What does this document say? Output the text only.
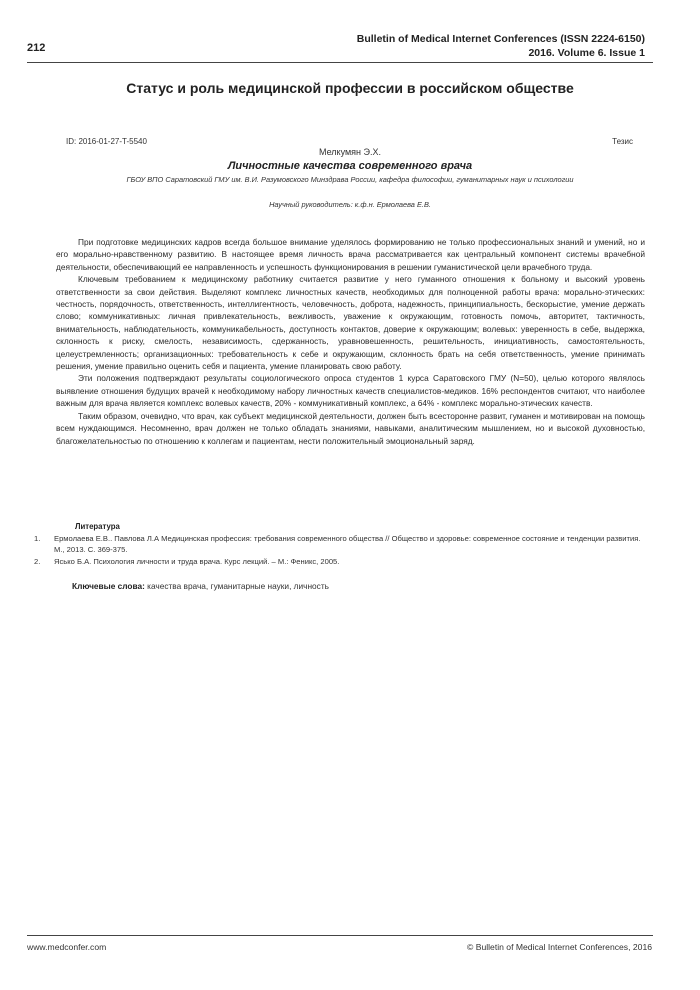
212
Bulletin of Medical Internet Conferences (ISSN 2224-6150)
2016. Volume 6. Issue 1
Статус и роль медицинской профессии в российском обществе
ID: 2016-01-27-T-5540	Тезис
Мелкумян Э.Х.
Личностные качества современного врача
ГБОУ ВПО Саратовский ГМУ им. В.И. Разумовского Минздрава России, кафедра философии, гуманитарных наук и психологии
Научный руководитель: к.ф.н. Ермолаева Е.В.

При подготовке медицинских кадров всегда большое внимание уделялось формированию не только профессиональных знаний и умений, но и его морально-нравственному развитию. В настоящее время личность врача рассматривается как центральный компонент системы врачебной деятельности, обеспечивающий ее направленность и успешность функционирования в решении гуманистической цели врачебного труда.

Ключевым требованием к медицинскому работнику считается развитие у него гуманного отношения к больному и высокий уровень ответственности за свои действия. Выделяют комплекс личностных качеств, необходимых для полноценной работы врача: морально-этических: честность, порядочность, ответственность, интеллигентность, человечность, доброта, надежность, принципиальность, бескорыстие, умение держать слово; коммуникативных: личная привлекательность, вежливость, уважение к окружающим, готовность помочь, авторитет, тактичность, внимательность, наблюдательность, коммуникабельность, доступность контактов, доверие к окружающим; волевых: уверенность в себе, выдержка, склонность к риску, смелость, независимость, сдержанность, уравновешенность, решительность, инициативность, самостоятельность, целеустремленность; организационных: требовательность к себе и окружающим, склонность брать на себя ответственность, умение принимать решения, умение правильно оценить себя и пациента, умение планировать свою работу.

Эти положения подтверждают результаты социологического опроса студентов 1 курса Саратовского ГМУ (N=50), целью которого являлось выявление отношения будущих врачей к необходимому набору личностных качеств специалистов-медиков. 16% респондентов считают, что наиболее важным для врача является комплекс волевых качеств, 20% - коммуникативный комплекс, а 64% - комплекс морально-этических качеств.

Таким образом, очевидно, что врач, как субъект медицинской деятельности, должен быть всесторонне развит, гуманен и мотивирован на помощь всем нуждающимся. Несомненно, врач должен не только обладать знаниями, навыками, аналитическим мышлением, но и высокой духовностью, благожелательностью по отношению к коллегам и пациентам, нести положительный эмоциональный заряд.

Литература
1. Ермолаева Е.В.. Павлова Л.А Медицинская профессия: требования современного общества // Общество и здоровье: современное состояние и тенденции развития. М., 2013. С. 369-375.
2. Ясько Б.А. Психология личности и труда врача. Курс лекций. – М.: Феникс, 2005.
Ключевые слова: качества врача, гуманитарные науки, личность
www.medconfer.com	© Bulletin of Medical Internet Conferences, 2016
